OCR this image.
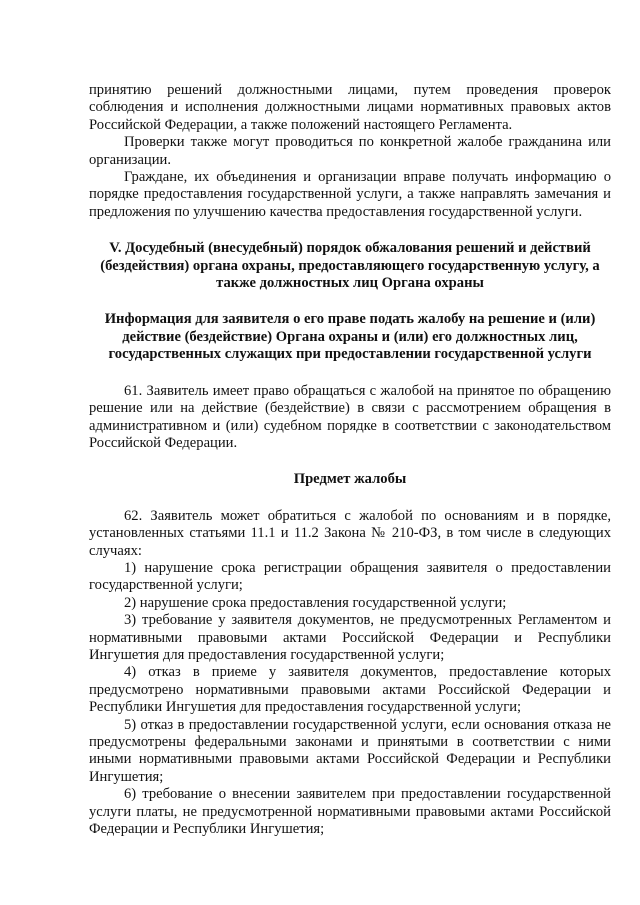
принятию решений должностными лицами, путем проведения проверок соблюдения и исполнения должностными лицами нормативных правовых актов Российской Федерации, а также положений настоящего Регламента.

Проверки также могут проводиться по конкретной жалобе гражданина или организации.

Граждане, их объединения и организации вправе получать информацию о порядке предоставления государственной услуги, а также направлять замечания и предложения по улучшению качества предоставления государственной услуги.

V. Досудебный (внесудебный) порядок обжалования решений и действий
(бездействия) органа охраны, предоставляющего государственную услугу, а
также должностных лиц Органа охраны
Информация для заявителя о его праве подать жалобу на решение и (или)
действие (бездействие) Органа охраны и (или) его должностных лиц,
государственных служащих при предоставлении государственной услуги

61. Заявитель имеет право обращаться с жалобой на принятое по обращению решение или на действие (бездействие) в связи с рассмотрением обращения в административном и (или) судебном порядке в соответствии с законодательством Российской Федерации.

Предмет жалобы

62. Заявитель может обратиться с жалобой по основаниям и в порядке, установленных статьями 11.1 и 11.2 Закона № 210-ФЗ, в том числе в следующих случаях:

1) нарушение срока регистрации обращения заявителя о предоставлении государственной услуги;

2) нарушение срока предоставления государственной услуги;

3) требование у заявителя документов, не предусмотренных Регламентом и нормативными правовыми актами Российской Федерации и Республики Ингушетия для предоставления государственной услуги;

4) отказ в приеме у заявителя документов, предоставление которых предусмотрено нормативными правовыми актами Российской Федерации и Республики Ингушетия для предоставления государственной услуги;

5) отказ в предоставлении государственной услуги, если основания отказа не предусмотрены федеральными законами и принятыми в соответствии с ними иными нормативными правовыми актами Российской Федерации и Республики Ингушетия;

6) требование о внесении заявителем при предоставлении государственной услуги платы, не предусмотренной нормативными правовыми актами Российской Федерации и Республики Ингушетия;
